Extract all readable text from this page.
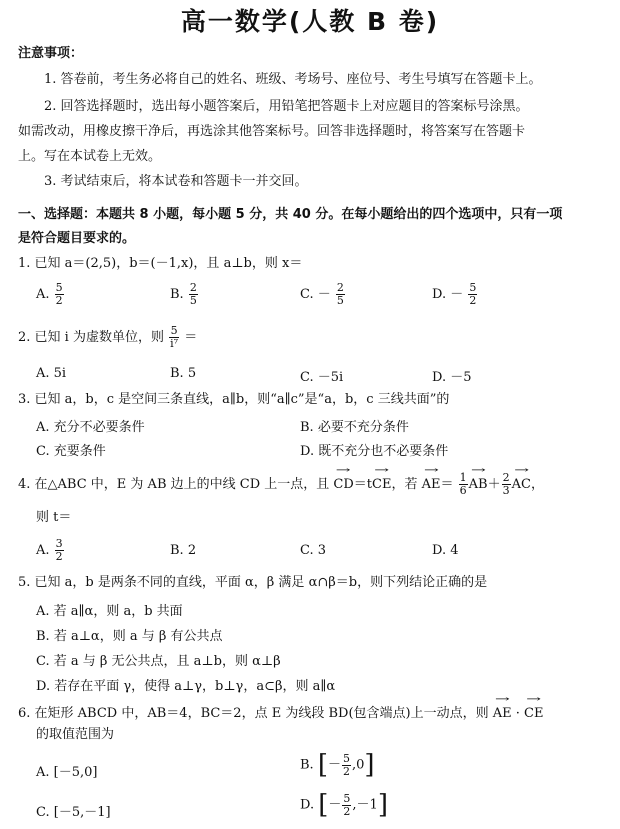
高一数学(人教 B 卷)
注意事项：
1. 答卷前，考生务必将自己的姓名、班级、考场号、座位号、考生号填写在答题卡上。
2. 回答选择题时，选出每小题答案后，用铅笔把答题卡上对应题目的答案标号涂黑。
如需改动，用橡皮擦干净后，再选涂其他答案标号。回答非选择题时，将答案写在答题卡
上。写在本试卷上无效。
3. 考试结束后，将本试卷和答题卡一并交回。
一、选择题：本题共 8 小题，每小题 5 分，共 40 分。在每小题给出的四个选项中，只有一项
是符合题目要求的。
1. 已知 a＝(2,5)，b＝(－1,x)，且 a⊥b，则 x＝
A. $\frac{5}{2}$	B. $\frac{2}{5}$	C. － $\frac{2}{5}$	D. － $\frac{5}{2}$
2. 已知 i 为虚数单位，则 $\frac{5}{\text{i⁷}}$ ＝
A. 5i	B. 5	C. －5i	D. －5
3. 已知 a，b，c 是空间三条直线，a∥b，则“a∥c”是“a，b，c 三线共面”的
A. 充分不必要条件	B. 必要不充分条件
C. 充要条件	D. 既不充分也不必要条件
4. 在△ABC 中，E 为 AB 边上的中线 CD 上一点，且 → CD＝t→ CE，若 → $AE= \frac{1}{6}$
→ $AB+ \frac{2}{3}$
→ AC，
则 t＝
A. $\frac{3}{2}$	B. 2	C. 3	D. 4
5. 已知 a，b 是两条不同的直线，平面 α，β 满足 α∩β＝b，则下列结论正确的是
A. 若 a∥α，则 a，b 共面
B. 若 a⊥α，则 a 与 β 有公共点
C. 若 a 与 β 无公共点，且 a⊥b，则 α⊥β
D. 若存在平面 γ，使得 a⊥γ，b⊥γ，a⊂β，则 a∥α
6. 在矩形 ABCD 中，AB＝4，BC＝2，点 E 为线段 BD(包含端点)上一动点，则 → AE · → CE
的取值范围为
A. [－5,0]	B. [－ $\frac{5}{2} ,0$]
C. [－5,－1]	D. [－ $\frac{5}{2} ,-1$]
